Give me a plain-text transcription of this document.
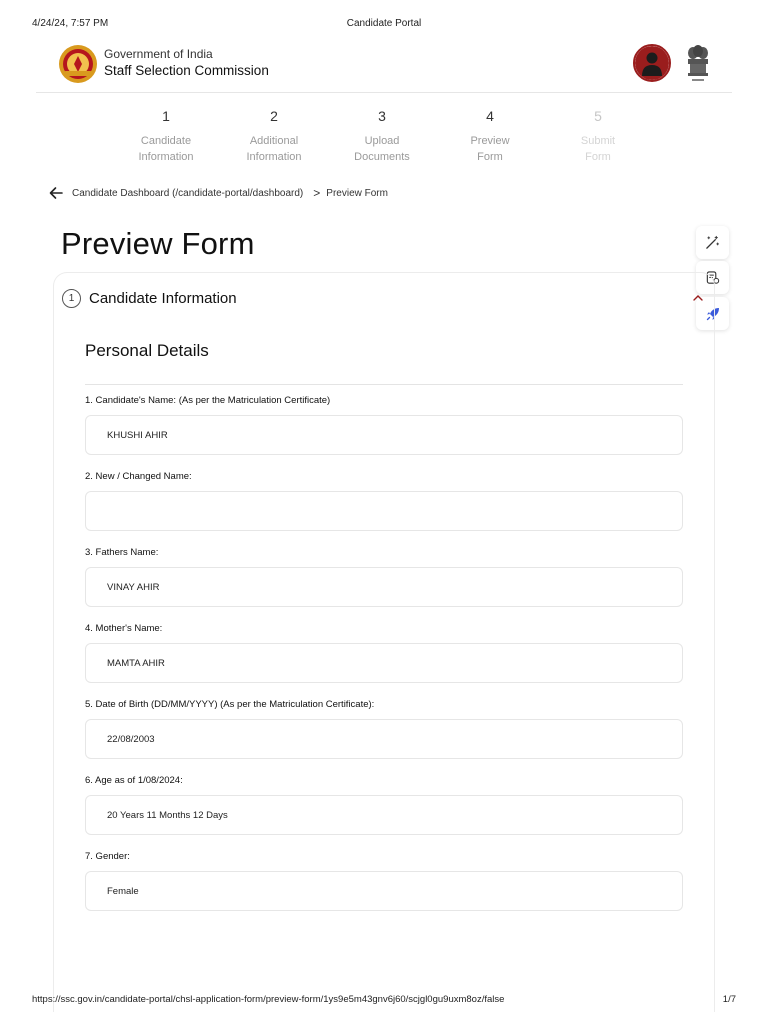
4/24/24, 7:57 PM	Candidate Portal
Government of India
Staff Selection Commission
1
Candidate
Information
2
Additional
Information
3
Upload
Documents
4
Preview
Form
5
Submit
Form
Candidate Dashboard (/candidate-portal/dashboard) > Preview Form
Preview Form
1 Candidate Information
Personal Details
1. Candidate's Name: (As per the Matriculation Certificate)
KHUSHI AHIR
2. New / Changed Name:
3. Fathers Name:
VINAY AHIR
4. Mother's Name:
MAMTA AHIR
5. Date of Birth (DD/MM/YYYY) (As per the Matriculation Certificate):
22/08/2003
6. Age as of 1/08/2024:
20 Years 11 Months 12 Days
7. Gender:
Female
https://ssc.gov.in/candidate-portal/chsl-application-form/preview-form/1ys9e5m43gnv6j60/scjgl0gu9uxm8oz/false	1/7
